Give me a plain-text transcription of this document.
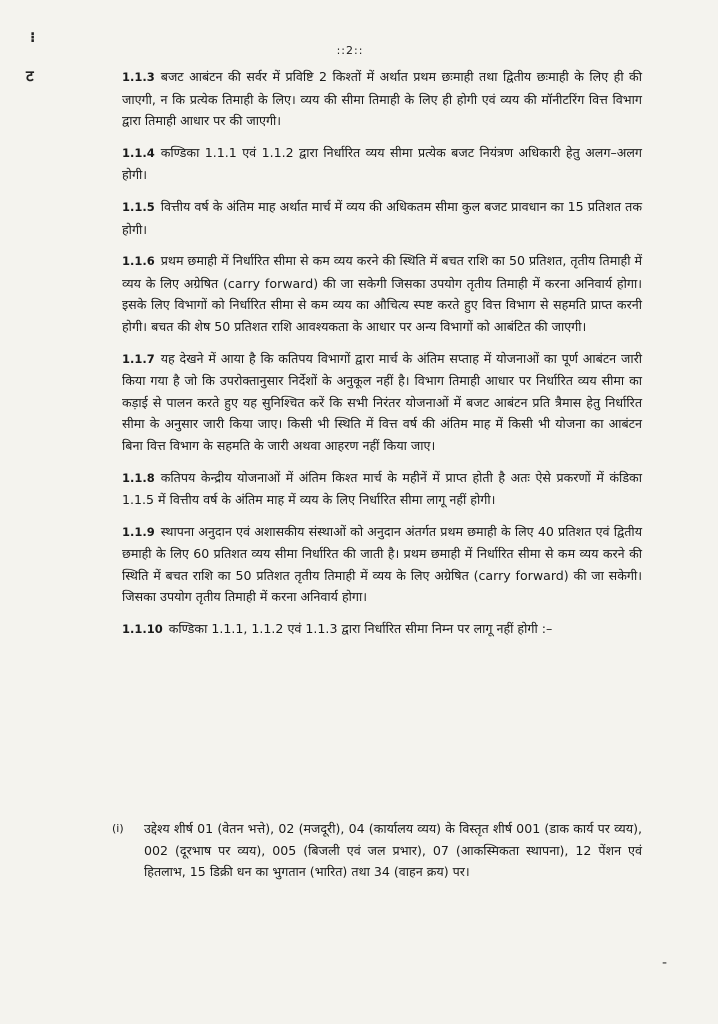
⁝
ट
::2::

1.1.3 बजट आबंटन की सर्वर में प्रविष्टि 2 किश्तों में अर्थात प्रथम छःमाही तथा द्वितीय छःमाही के लिए ही की जाएगी, न कि प्रत्येक तिमाही के लिए। व्यय की सीमा तिमाही के लिए ही होगी एवं व्यय की मॉनीटरिंग वित्त विभाग द्वारा तिमाही आधार पर की जाएगी।

1.1.4 कण्डिका 1.1.1 एवं 1.1.2 द्वारा निर्धारित व्यय सीमा प्रत्येक बजट नियंत्रण अधिकारी हेतु अलग–अलग होगी।

1.1.5 वित्तीय वर्ष के अंतिम माह अर्थात मार्च में व्यय की अधिकतम सीमा कुल बजट प्रावधान का 15 प्रतिशत तक होगी।

1.1.6 प्रथम छमाही में निर्धारित सीमा से कम व्यय करने की स्थिति में बचत राशि का 50 प्रतिशत, तृतीय तिमाही में व्यय के लिए अग्रेषित (carry forward) की जा सकेगी जिसका उपयोग तृतीय तिमाही में करना अनिवार्य होगा। इसके लिए विभागों को निर्धारित सीमा से कम व्यय का औचित्य स्पष्ट करते हुए वित्त विभाग से सहमति प्राप्त करनी होगी। बचत की शेष 50 प्रतिशत राशि आवश्यकता के आधार पर अन्य विभागों को आबंटित की जाएगी।

1.1.7 यह देखने में आया है कि कतिपय विभागों द्वारा मार्च के अंतिम सप्ताह में योजनाओं का पूर्ण आबंटन जारी किया गया है जो कि उपरोक्तानुसार निर्देशों के अनुकूल नहीं है। विभाग तिमाही आधार पर निर्धारित व्यय सीमा का कड़ाई से पालन करते हुए यह सुनिश्चित करें कि सभी निरंतर योजनाओं में बजट आबंटन प्रति त्रैमास हेतु निर्धारित सीमा के अनुसार जारी किया जाए। किसी भी स्थिति में वित्त वर्ष की अंतिम माह में किसी भी योजना का आबंटन बिना वित्त विभाग के सहमति के जारी अथवा आहरण नहीं किया जाए।

1.1.8 कतिपय केन्द्रीय योजनाओं में अंतिम किश्त मार्च के महीनें में प्राप्त होती है अतः ऐसे प्रकरणों में कंडिका 1.1.5 में वित्तीय वर्ष के अंतिम माह में व्यय के लिए निर्धारित सीमा लागू नहीं होगी।

1.1.9 स्थापना अनुदान एवं अशासकीय संस्थाओं को अनुदान अंतर्गत प्रथम छमाही के लिए 40 प्रतिशत एवं द्वितीय छमाही के लिए 60 प्रतिशत व्यय सीमा निर्धारित की जाती है। प्रथम छमाही में निर्धारित सीमा से कम व्यय करने की स्थिति में बचत राशि का 50 प्रतिशत तृतीय तिमाही में व्यय के लिए अग्रेषित (carry forward) की जा सकेगी। जिसका उपयोग तृतीय तिमाही में करना अनिवार्य होगा।

1.1.10 कण्डिका 1.1.1, 1.1.2 एवं 1.1.3 द्वारा निर्धारित सीमा निम्न पर लागू नहीं होगी :–

(i)	उद्देश्य शीर्ष 01 (वेतन भत्ते), 02 (मजदूरी), 04 (कार्यालय व्यय) के विस्तृत शीर्ष 001 (डाक कार्य पर व्यय), 002 (दूरभाष पर व्यय), 005 (बिजली एवं जल प्रभार), 07 (आकस्मिकता स्थापना), 12 पेंशन एवं हितलाभ, 15 डिक्री धन का भुगतान (भारित) तथा 34 (वाहन क्रय) पर।
-
